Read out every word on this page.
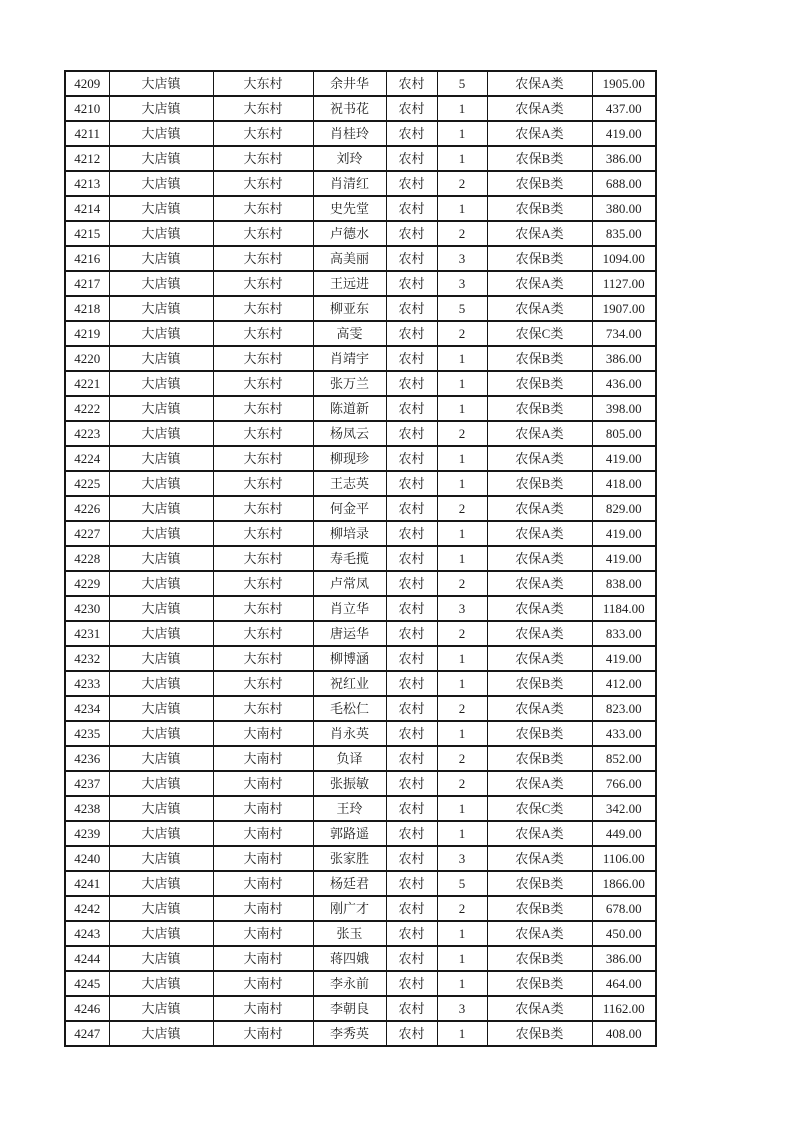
4209	大店镇	大东村	余井华	农村	5	农保A类	1905.00
4210	大店镇	大东村	祝书花	农村	1	农保A类	437.00
4211	大店镇	大东村	肖桂玲	农村	1	农保A类	419.00
4212	大店镇	大东村	刘玲	农村	1	农保B类	386.00
4213	大店镇	大东村	肖清红	农村	2	农保B类	688.00
4214	大店镇	大东村	史先堂	农村	1	农保B类	380.00
4215	大店镇	大东村	卢德水	农村	2	农保A类	835.00
4216	大店镇	大东村	高美丽	农村	3	农保B类	1094.00
4217	大店镇	大东村	王远进	农村	3	农保A类	1127.00
4218	大店镇	大东村	柳亚东	农村	5	农保A类	1907.00
4219	大店镇	大东村	高雯	农村	2	农保C类	734.00
4220	大店镇	大东村	肖靖宇	农村	1	农保B类	386.00
4221	大店镇	大东村	张万兰	农村	1	农保B类	436.00
4222	大店镇	大东村	陈道新	农村	1	农保B类	398.00
4223	大店镇	大东村	杨凤云	农村	2	农保A类	805.00
4224	大店镇	大东村	柳现珍	农村	1	农保A类	419.00
4225	大店镇	大东村	王志英	农村	1	农保B类	418.00
4226	大店镇	大东村	何金平	农村	2	农保A类	829.00
4227	大店镇	大东村	柳培录	农村	1	农保A类	419.00
4228	大店镇	大东村	寿毛揽	农村	1	农保A类	419.00
4229	大店镇	大东村	卢常凤	农村	2	农保A类	838.00
4230	大店镇	大东村	肖立华	农村	3	农保A类	1184.00
4231	大店镇	大东村	唐运华	农村	2	农保A类	833.00
4232	大店镇	大东村	柳博涵	农村	1	农保A类	419.00
4233	大店镇	大东村	祝红业	农村	1	农保B类	412.00
4234	大店镇	大东村	毛松仁	农村	2	农保A类	823.00
4235	大店镇	大南村	肖永英	农村	1	农保B类	433.00
4236	大店镇	大南村	负译	农村	2	农保B类	852.00
4237	大店镇	大南村	张振敏	农村	2	农保A类	766.00
4238	大店镇	大南村	王玲	农村	1	农保C类	342.00
4239	大店镇	大南村	郭路遥	农村	1	农保A类	449.00
4240	大店镇	大南村	张家胜	农村	3	农保A类	1106.00
4241	大店镇	大南村	杨廷君	农村	5	农保B类	1866.00
4242	大店镇	大南村	刚广才	农村	2	农保B类	678.00
4243	大店镇	大南村	张玉	农村	1	农保A类	450.00
4244	大店镇	大南村	蒋四娥	农村	1	农保B类	386.00
4245	大店镇	大南村	李永前	农村	1	农保B类	464.00
4246	大店镇	大南村	李朝良	农村	3	农保A类	1162.00
4247	大店镇	大南村	李秀英	农村	1	农保B类	408.00
